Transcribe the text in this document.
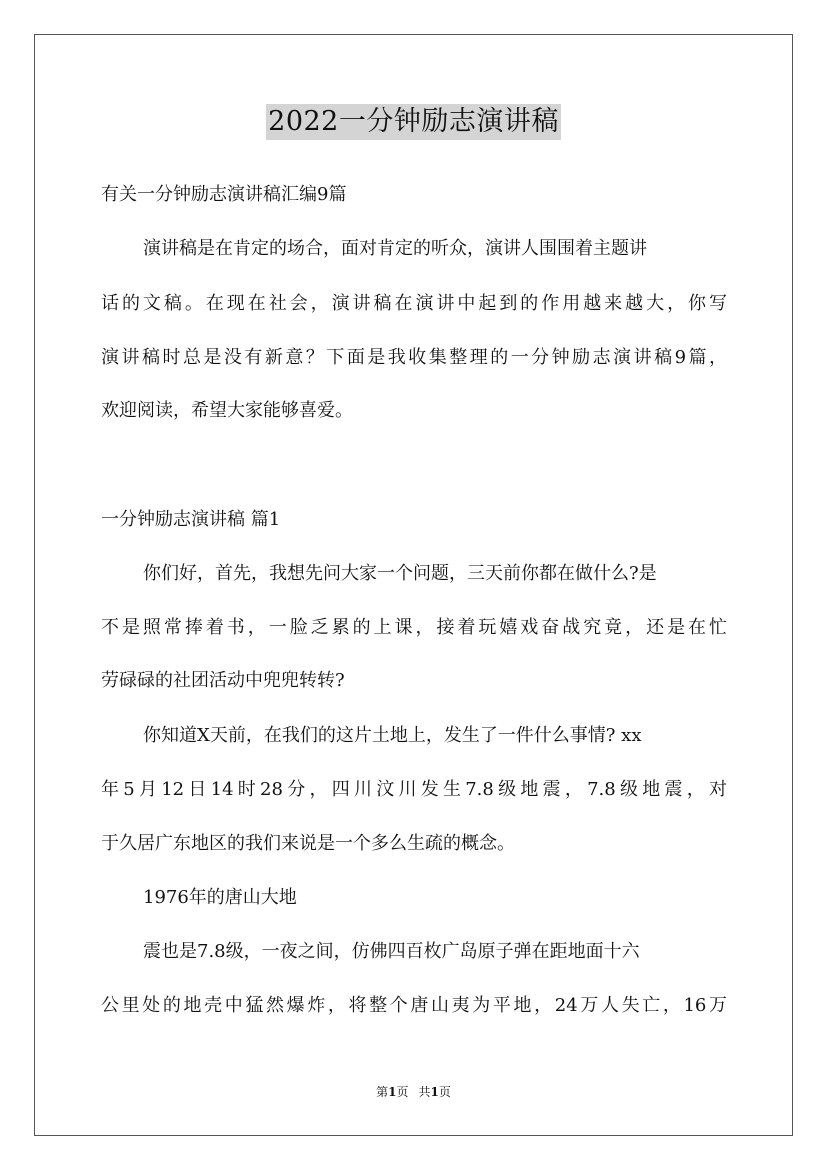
2022一分钟励志演讲稿
有关一分钟励志演讲稿汇编9篇
演讲稿是在肯定的场合，面对肯定的听众，演讲人围围着主题讲
话的文稿。在现在社会，演讲稿在演讲中起到的作用越来越大，你写
演讲稿时总是没有新意？下面是我收集整理的一分钟励志演讲稿9篇，
欢迎阅读，希望大家能够喜爱。
一分钟励志演讲稿 篇1
你们好，首先，我想先问大家一个问题，三天前你都在做什么?是
不是照常捧着书，一脸乏累的上课，接着玩嬉戏奋战究竟，还是在忙
劳碌碌的社团活动中兜兜转转?
你知道X天前，在我们的这片土地上，发生了一件什么事情? xx
年5月12日14时28分，四川汶川发生7.8级地震，7.8级地震，对
于久居广东地区的我们来说是一个多么生疏的概念。
1976年的唐山大地
震也是7.8级，一夜之间，仿佛四百枚广岛原子弹在距地面十六
公里处的地壳中猛然爆炸，将整个唐山夷为平地，24万人失亡，16万
第1页 共1页
